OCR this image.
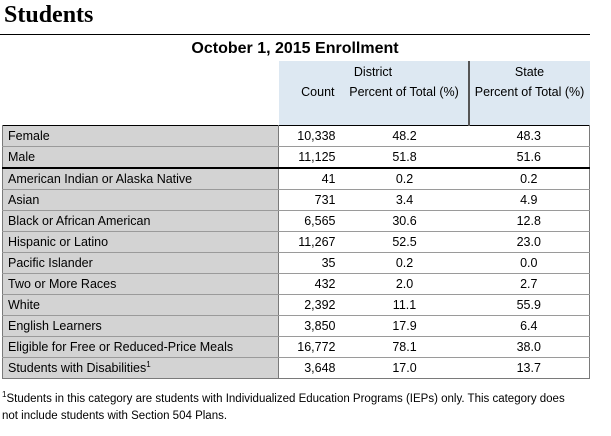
Students
October 1, 2015 Enrollment
	District		State
	Count	Percent of Total (%)	Percent of Total (%)
Female	10,338	48.2	48.3
Male	11,125	51.8	51.6
American Indian or Alaska Native	41	0.2	0.2
Asian	731	3.4	4.9
Black or African American	6,565	30.6	12.8
Hispanic or Latino	11,267	52.5	23.0
Pacific Islander	35	0.2	0.0
Two or More Races	432	2.0	2.7
White	2,392	11.1	55.9
English Learners	3,850	17.9	6.4
Eligible for Free or Reduced-Price Meals	16,772	78.1	38.0
Students with Disabilities$^1$	3,648	17.0	13.7
$^1$Students in this category are students with Individualized Education Programs (IEPs) only. This category does not include students with Section 504 Plans.
